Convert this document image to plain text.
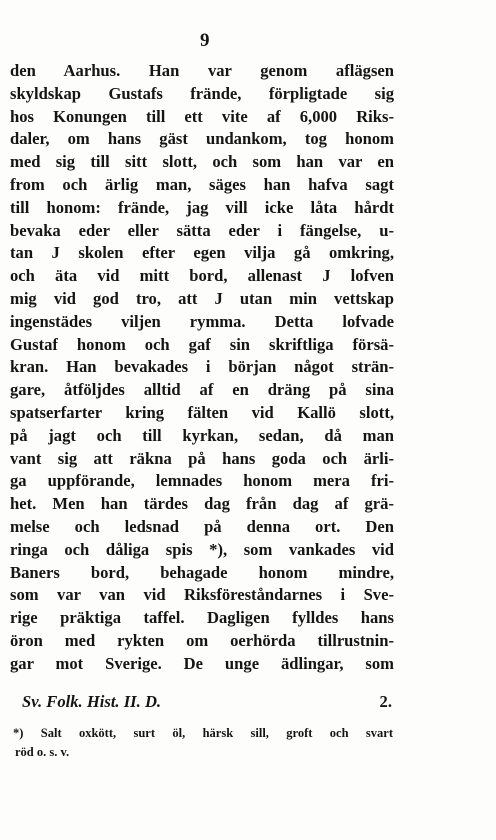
9
den Aarhus. Han var genom aflägsen
skyldskap Gustafs frände, förpligtade sig
hos Konungen till ett vite af 6,000 Riks-
daler, om hans gäst undankom, tog honom
med sig till sitt slott, och som han var en
from och ärlig man, säges han hafva sagt
till honom: frände, jag vill icke låta hårdt
bevaka eder eller sätta eder i fängelse, u-
tan J skolen efter egen vilja gå omkring,
och äta vid mitt bord, allenast J lofven
mig vid god tro, att J utan min vettskap
ingenstädes viljen rymma. Detta lofvade
Gustaf honom och gaf sin skriftliga försä-
kran. Han bevakades i början något strän-
gare, åtföljdes alltid af en dräng på sina
spatserfarter kring fälten vid Kallö slott,
på jagt och till kyrkan, sedan, då man
vant sig att räkna på hans goda och ärli-
ga uppförande, lemnades honom mera fri-
het. Men han tärdes dag från dag af grä-
melse och ledsnad på denna ort. Den
ringa och dåliga spis *), som vankades vid
Baners bord, behagade honom mindre,
som var van vid Riksföreståndarnes i Sve-
rige präktiga taffel. Dagligen fylldes hans
öron med rykten om oerhörda tillrustnin-
gar mot Sverige. De unge ädlingar, som
Sv. Folk. Hist. II. D.	2.
*) Salt oxkött, surt öl, härsk sill, groft och svart
röd o. s. v.
